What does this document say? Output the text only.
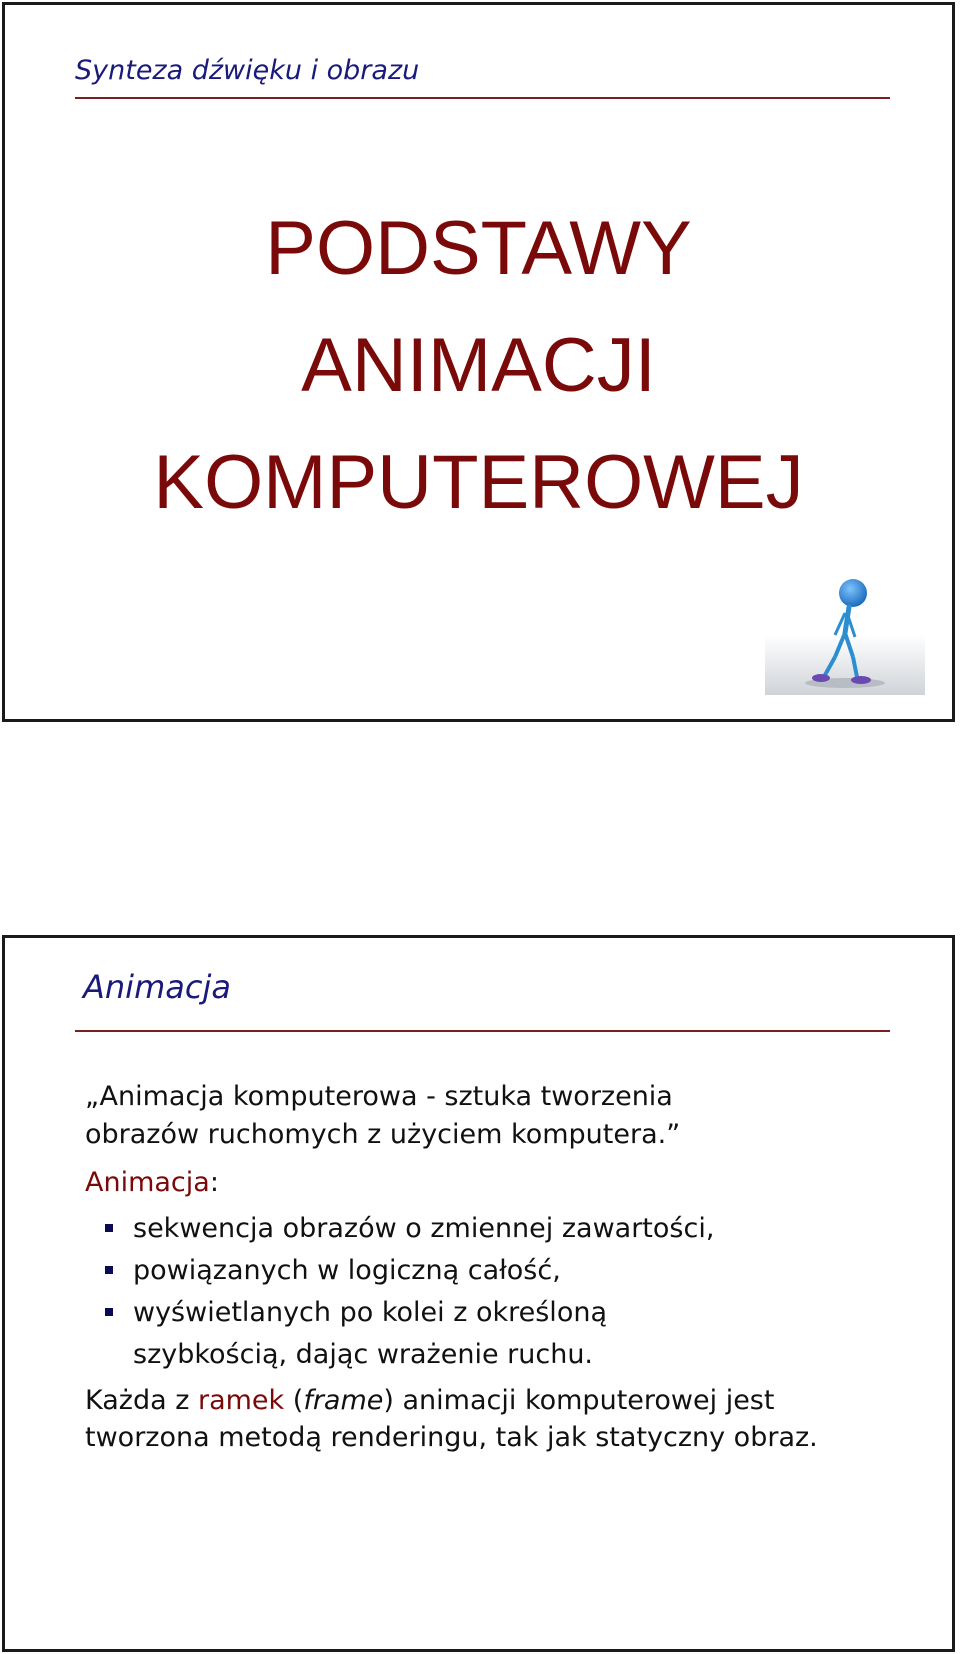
Synteza dźwięku i obrazu
PODSTAWY
ANIMACJI
KOMPUTEROWEJ
Animacja
„Animacja komputerowa - sztuka tworzenia
obrazów ruchomych z użyciem komputera.”
Animacja:
sekwencja obrazów o zmiennej zawartości,
powiązanych w logiczną całość,
wyświetlanych po kolei z określoną szybkością, dając wrażenie ruchu.
Każda z ramek (frame) animacji komputerowej jest tworzona metodą renderingu, tak jak statyczny obraz.
